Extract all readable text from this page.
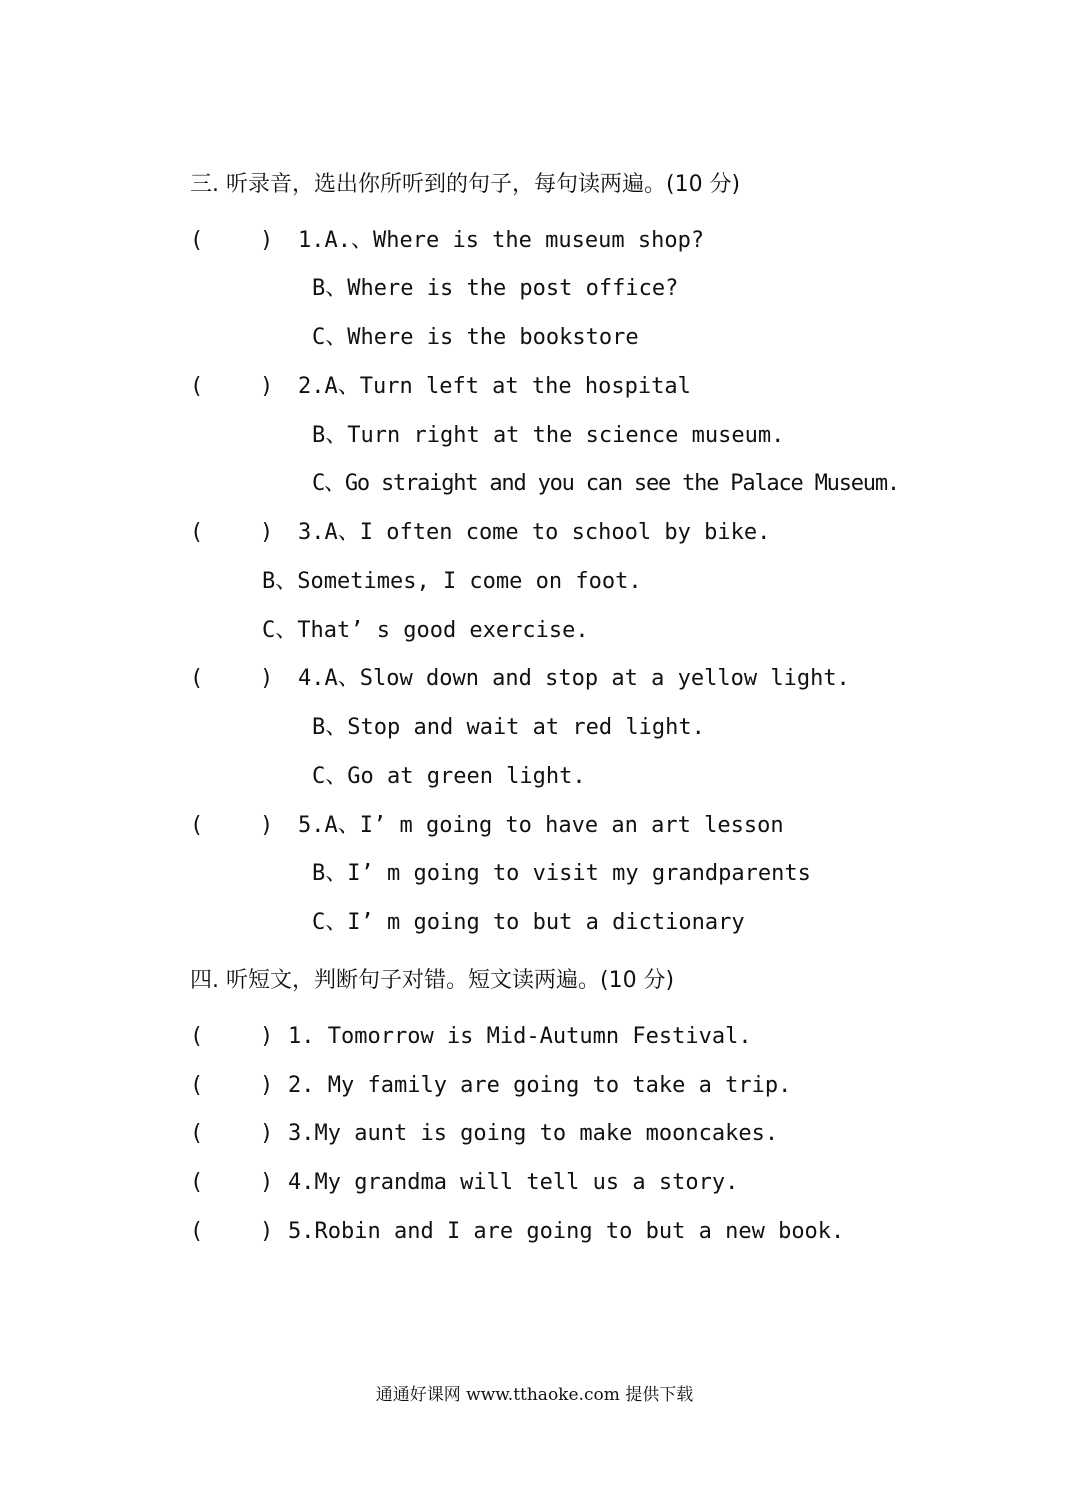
三. 听录音，选出你所听到的句子，每句读两遍。(10 分)
(	) 1.A.、Where is the museum shop?
B、Where is the post office?
C、Where is the bookstore
(	) 2.A、Turn left at the hospital
B、Turn right at the science museum.
C、Go straight and you can see the Palace Museum.
(	) 3.A、I often come to school by bike.
B、Sometimes, I come on foot.
C、That’ s good exercise.
(	) 4.A、Slow down and stop at a yellow light.
B、Stop and wait at red light.
C、Go at green light.
(	) 5.A、I’ m going to have an art lesson
B、I’ m going to visit my grandparents
C、I’ m going to but a dictionary
四. 听短文，判断句子对错。短文读两遍。(10 分)
(	) 1. Tomorrow is Mid-Autumn Festival.
(	) 2. My family are going to take a trip.
(	) 3.My aunt is going to make mooncakes.
(	) 4.My grandma will tell us a story.
(	) 5.Robin and I are going to but a new book.
通通好课网 www.tthaoke.com 提供下载
